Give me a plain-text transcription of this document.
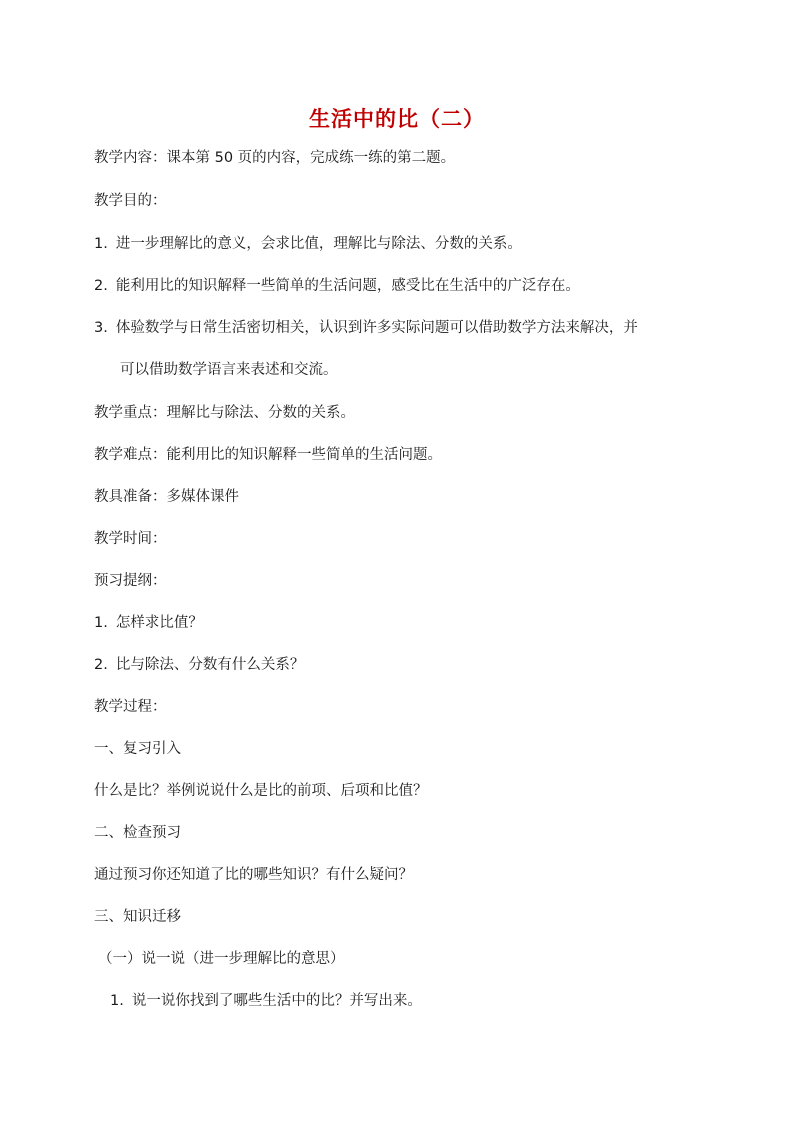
生活中的比（二）
教学内容：课本第 50 页的内容，完成练一练的第二题。
教学目的：
1. 进一步理解比的意义，会求比值，理解比与除法、分数的关系。
2. 能利用比的知识解释一些简单的生活问题，感受比在生活中的广泛存在。
3. 体验数学与日常生活密切相关，认识到许多实际问题可以借助数学方法来解决，并
可以借助数学语言来表述和交流。
教学重点：理解比与除法、分数的关系。
教学难点：能利用比的知识解释一些简单的生活问题。
教具准备：多媒体课件
教学时间：
预习提纲：
1. 怎样求比值？
2. 比与除法、分数有什么关系？
教学过程：
一、复习引入
什么是比？举例说说什么是比的前项、后项和比值？
二、检查预习
通过预习你还知道了比的哪些知识？有什么疑问？
三、知识迁移
（一）说一说（进一步理解比的意思）
1. 说一说你找到了哪些生活中的比？并写出来。
